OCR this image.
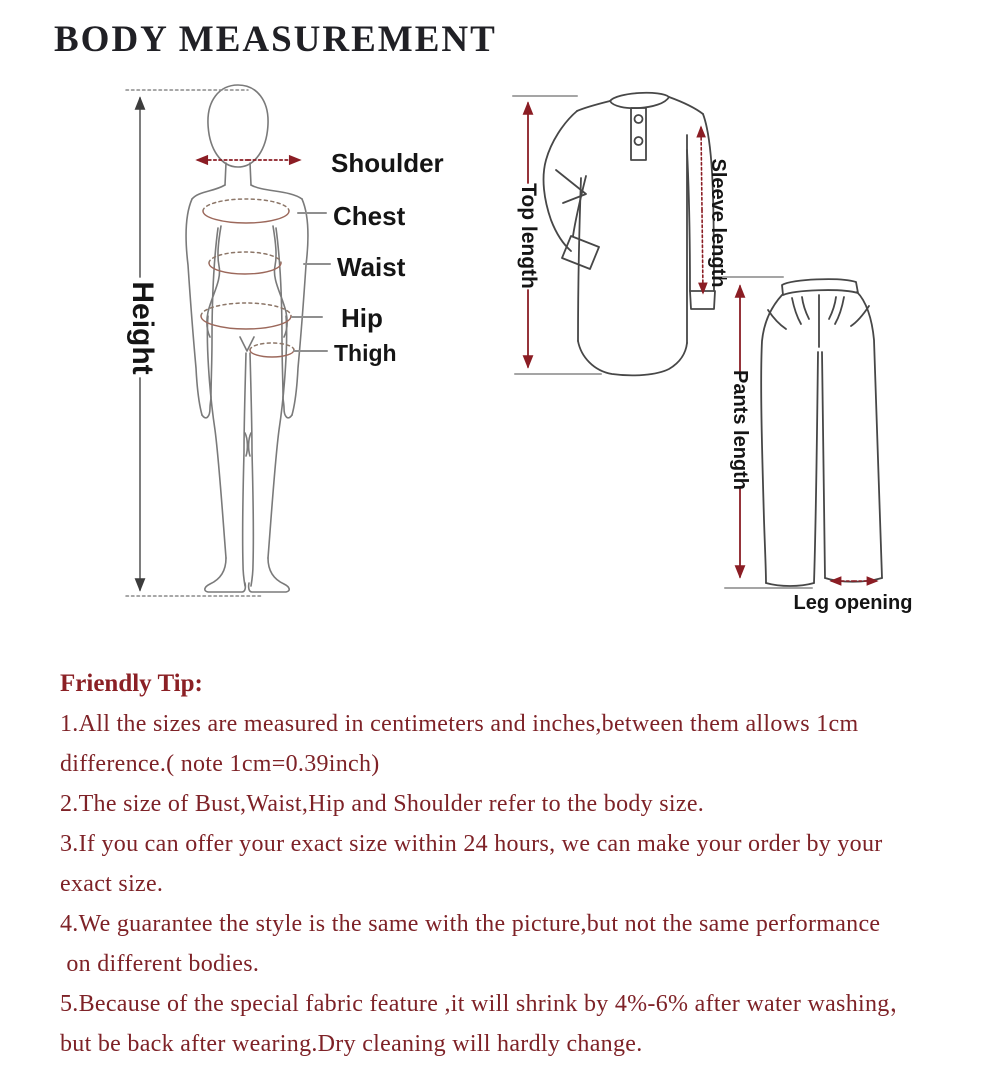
BODY MEASUREMENT
Height
Shoulder
Chest
Waist
Hip
Thigh
Top length	Sleeve length
Pants length
Leg opening
Friendly Tip:
1.All the sizes are measured in centimeters and inches,between them allows 1cm
difference.( note 1cm=0.39inch)
2.The size of Bust,Waist,Hip and Shoulder refer to the body size.
3.If you can offer your exact size within 24 hours, we can make your order by your
exact size.
4.We guarantee the style is the same with the picture,but not the same performance
on different bodies.
5.Because of the special fabric feature ,it will shrink by 4%-6% after water washing，
but be back after wearing.Dry cleaning will hardly change.
